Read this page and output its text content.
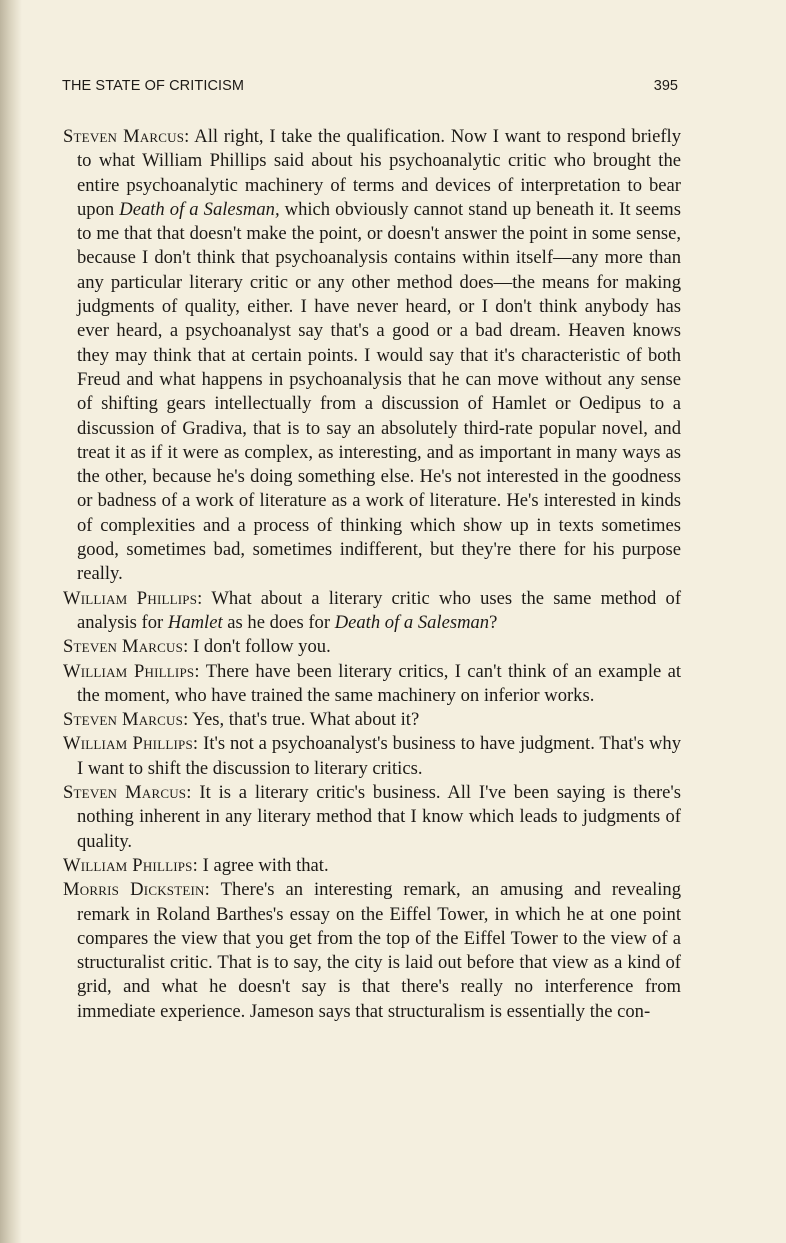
THE STATE OF CRITICISM	395

Steven Marcus: All right, I take the qualification. Now I want to respond briefly to what William Phillips said about his psychoanalytic critic who brought the entire psychoanalytic machinery of terms and devices of interpretation to bear upon Death of a Salesman, which obviously cannot stand up beneath it. It seems to me that that doesn't make the point, or doesn't answer the point in some sense, because I don't think that psychoanalysis contains within itself—any more than any particular literary critic or any other method does—the means for making judgments of quality, either. I have never heard, or I don't think anybody has ever heard, a psychoanalyst say that's a good or a bad dream. Heaven knows they may think that at certain points. I would say that it's characteristic of both Freud and what happens in psychoanalysis that he can move without any sense of shifting gears intellectually from a discussion of Hamlet or Oedipus to a discussion of Gradiva, that is to say an absolutely third-rate popular novel, and treat it as if it were as complex, as interesting, and as important in many ways as the other, because he's doing something else. He's not interested in the goodness or badness of a work of literature as a work of literature. He's interested in kinds of complexities and a process of thinking which show up in texts sometimes good, sometimes bad, sometimes indifferent, but they're there for his purpose really.

William Phillips: What about a literary critic who uses the same method of analysis for Hamlet as he does for Death of a Salesman?

Steven Marcus: I don't follow you.

William Phillips: There have been literary critics, I can't think of an example at the moment, who have trained the same machinery on inferior works.

Steven Marcus: Yes, that's true. What about it?

William Phillips: It's not a psychoanalyst's business to have judgment. That's why I want to shift the discussion to literary critics.

Steven Marcus: It is a literary critic's business. All I've been saying is there's nothing inherent in any literary method that I know which leads to judgments of quality.

William Phillips: I agree with that.

Morris Dickstein: There's an interesting remark, an amusing and revealing remark in Roland Barthes's essay on the Eiffel Tower, in which he at one point compares the view that you get from the top of the Eiffel Tower to the view of a structuralist critic. That is to say, the city is laid out before that view as a kind of grid, and what he doesn't say is that there's really no interference from immediate experience. Jameson says that structuralism is essentially the con-
